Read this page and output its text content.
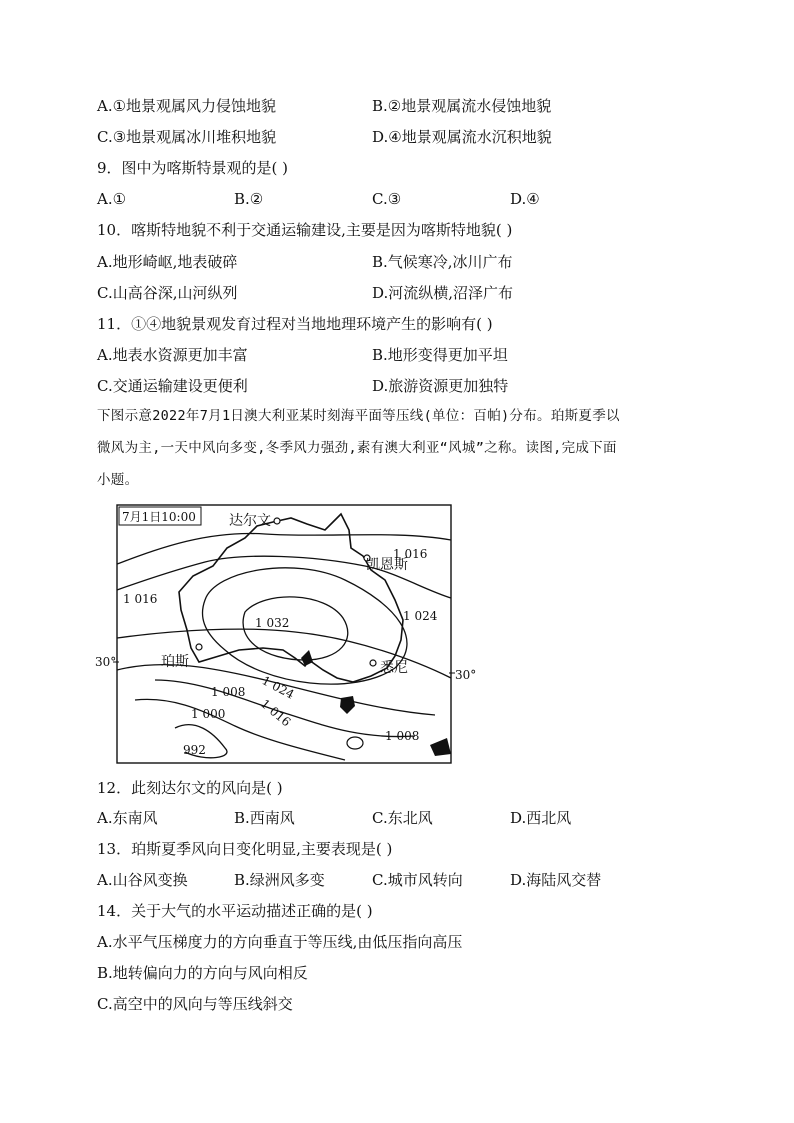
A.①地景观属风力侵蚀地貌	B.②地景观属流水侵蚀地貌
C.③地景观属冰川堆积地貌	D.④地景观属流水沉积地貌
9．图中为喀斯特景观的是( )
A.①	B.②	C.③	D.④
10．喀斯特地貌不利于交通运输建设,主要是因为喀斯特地貌( )
A.地形崎岖,地表破碎	B.气候寒冷,冰川广布
C.山高谷深,山河纵列	D.河流纵横,沼泽广布
11．①④地貌景观发育过程对当地地理环境产生的影响有( )
A.地表水资源更加丰富	B.地形变得更加平坦
C.交通运输建设更便利	D.旅游资源更加独特
下图示意2022年7月1日澳大利亚某时刻海平面等压线(单位：百帕)分布。珀斯夏季以
微风为主,一天中风向多变,冬季风力强劲,素有澳大利亚“风城”之称。读图,完成下面
小题。
7月1日10:00 达尔文
凯恩斯
珀斯	悉尼
1 016
1 016
1 024
1 032
1 024
1 016
1 008
1 000
992
1 008
30°
30°
12．此刻达尔文的风向是( )
A.东南风	B.西南风	C.东北风	D.西北风
13．珀斯夏季风向日变化明显,主要表现是( )
A.山谷风变换	B.绿洲风多变	C.城市风转向	D.海陆风交替
14．关于大气的水平运动描述正确的是( )
A.水平气压梯度力的方向垂直于等压线,由低压指向高压
B.地转偏向力的方向与风向相反
C.高空中的风向与等压线斜交
